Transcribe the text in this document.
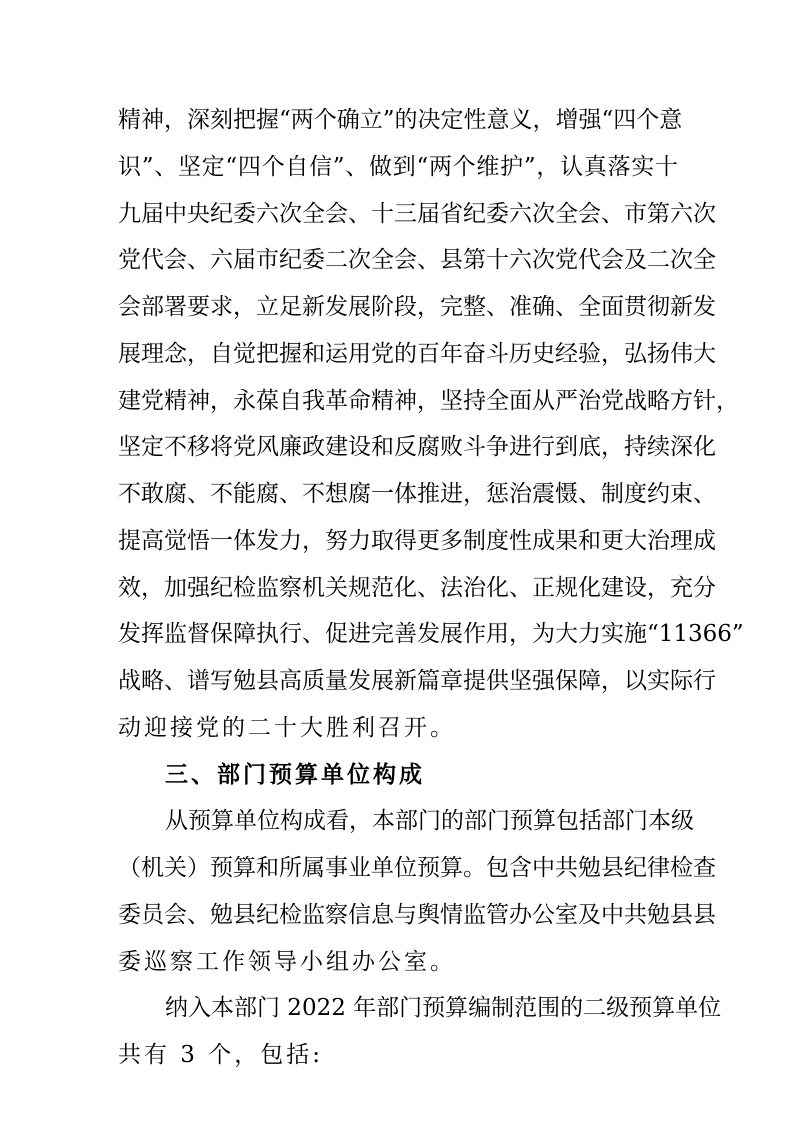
精神，深刻把握“两个确立”的决定性意义，增强“四个意
识”、坚定“四个自信”、做到“两个维护”，认真落实十
九届中央纪委六次全会、十三届省纪委六次全会、市第六次
党代会、六届市纪委二次全会、县第十六次党代会及二次全
会部署要求，立足新发展阶段，完整、准确、全面贯彻新发
展理念，自觉把握和运用党的百年奋斗历史经验，弘扬伟大
建党精神，永葆自我革命精神，坚持全面从严治党战略方针，
坚定不移将党风廉政建设和反腐败斗争进行到底，持续深化
不敢腐、不能腐、不想腐一体推进，惩治震慑、制度约束、
提高觉悟一体发力，努力取得更多制度性成果和更大治理成
效，加强纪检监察机关规范化、法治化、正规化建设，充分
发挥监督保障执行、促进完善发展作用，为大力实施“11366”
战略、谱写勉县高质量发展新篇章提供坚强保障，以实际行
动迎接党的二十大胜利召开。
三、部门预算单位构成
从预算单位构成看，本部门的部门预算包括部门本级
（机关）预算和所属事业单位预算。包含中共勉县纪律检查
委员会、勉县纪检监察信息与舆情监管办公室及中共勉县县
委巡察工作领导小组办公室。
纳入本部门 2022 年部门预算编制范围的二级预算单位
共有 3 个，包括:
